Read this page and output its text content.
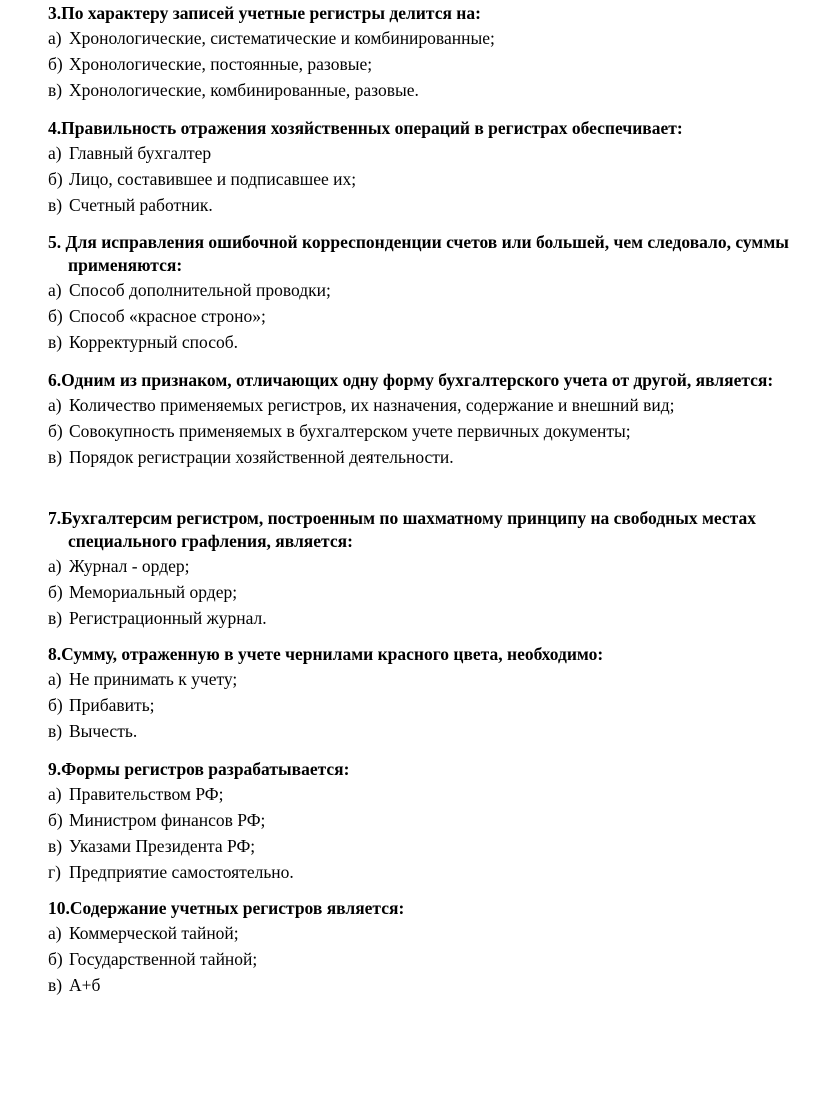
3.По характеру записей учетные регистры делится на:

а) Хронологические, систематические и комбинированные;
б) Хронологические, постоянные, разовые;
в) Хронологические, комбинированные, разовые.

4.Правильность отражения хозяйственных операций в регистрах обеспечивает:

а) Главный бухгалтер
б) Лицо, составившее и подписавшее их;
в) Счетный работник.

5. Для исправления ошибочной корреспонденции счетов или большей, чем следовало, суммы применяются:

а) Способ дополнительной проводки;
б) Способ «красное строно»;
в) Корректурный способ.

6.Одним из признаком, отличающих одну форму бухгалтерского учета от другой, является:

а) Количество применяемых регистров, их назначения, содержание и внешний вид;
б) Совокупность применяемых в бухгалтерском учете первичных документы;
в) Порядок регистрации хозяйственной деятельности.

7.Бухгалтерсим регистром, построенным по шахматному принципу на свободных местах специального графления, является:

а) Журнал - ордер;
б) Мемориальный ордер;
в) Регистрационный журнал.

8.Сумму, отраженную в учете чернилами красного цвета, необходимо:

а) Не принимать к учету;
б) Прибавить;
в) Вычесть.

9.Формы регистров разрабатывается:

а) Правительством РФ;
б) Министром финансов РФ;
в) Указами Президента РФ;
г) Предприятие самостоятельно.

10.Содержание учетных регистров является:

а) Коммерческой тайной;
б) Государственной тайной;
в) А+б
